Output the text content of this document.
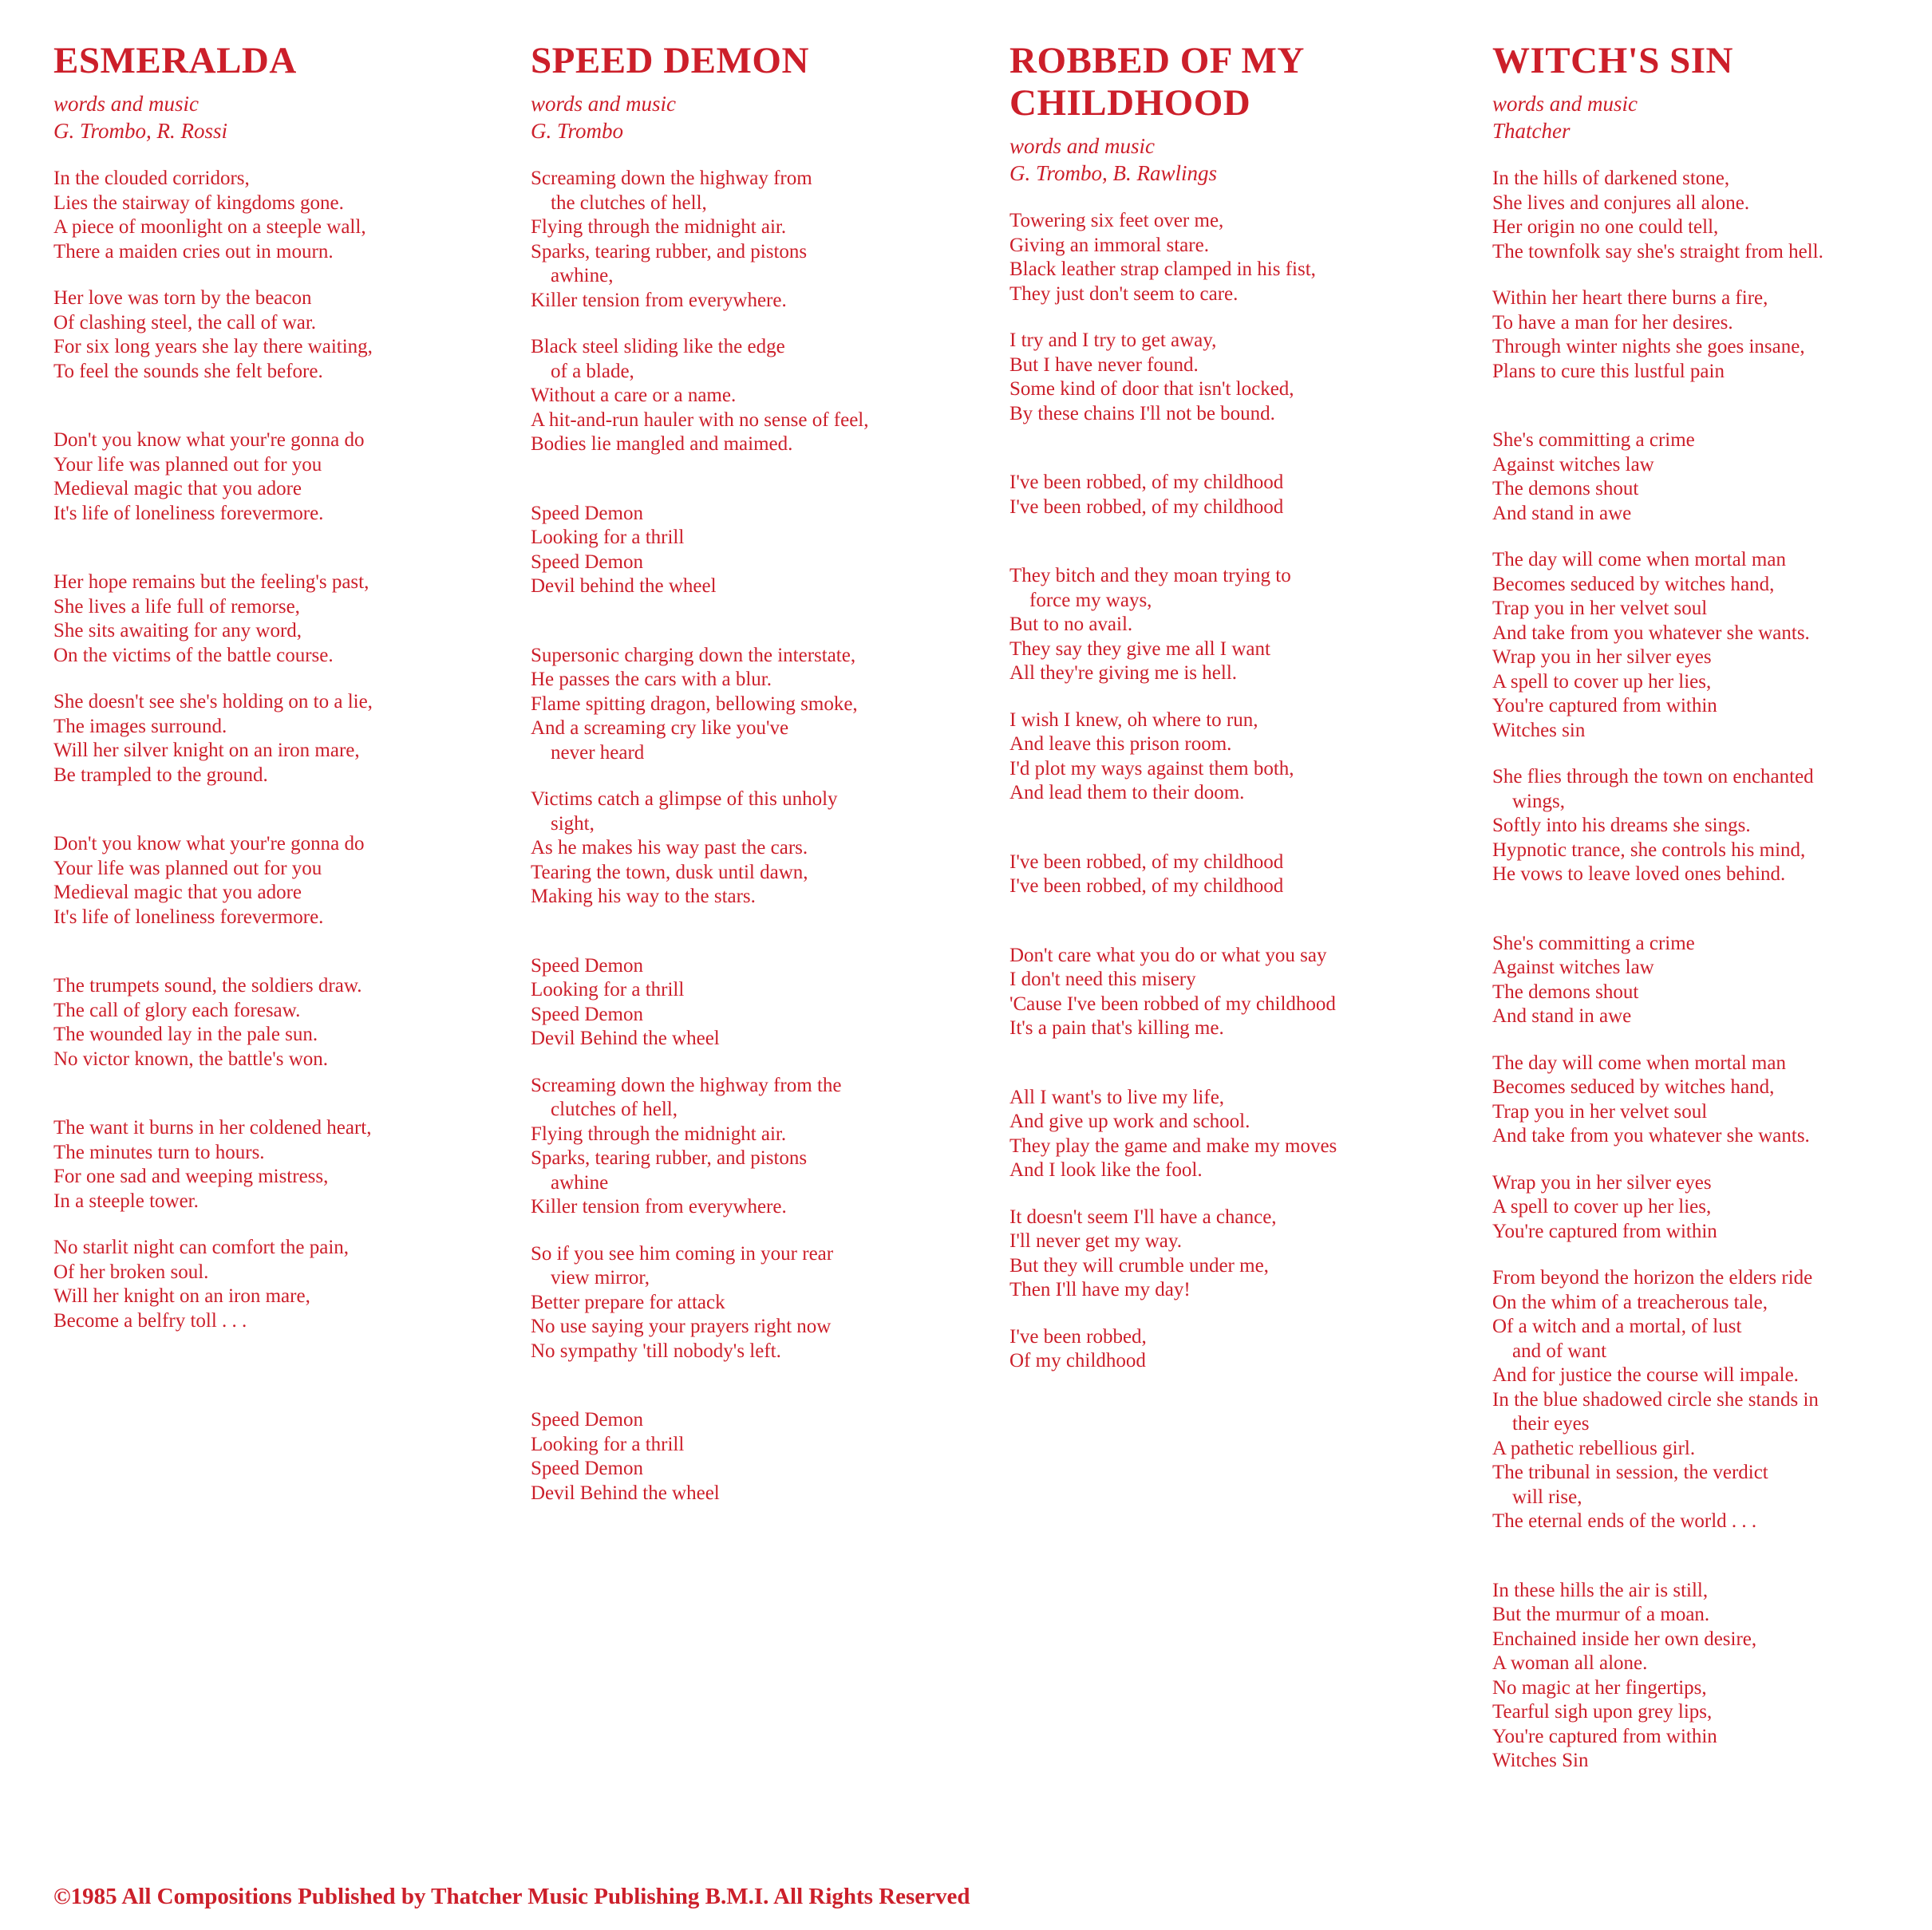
ESMERALDA
words and music
G. Trombo, R. Rossi
In the clouded corridors,
Lies the stairway of kingdoms gone.
A piece of moonlight on a steeple wall,
There a maiden cries out in mourn.
Her love was torn by the beacon
Of clashing steel, the call of war.
For six long years she lay there waiting,
To feel the sounds she felt before.
Don't you know what your're gonna do
Your life was planned out for you
Medieval magic that you adore
It's life of loneliness forevermore.
Her hope remains but the feeling's past,
She lives a life full of remorse,
She sits awaiting for any word,
On the victims of the battle course.
She doesn't see she's holding on to a lie,
The images surround.
Will her silver knight on an iron mare,
Be trampled to the ground.
Don't you know what your're gonna do
Your life was planned out for you
Medieval magic that you adore
It's life of loneliness forevermore.
The trumpets sound, the soldiers draw.
The call of glory each foresaw.
The wounded lay in the pale sun.
No victor known, the battle's won.
The want it burns in her coldened heart,
The minutes turn to hours.
For one sad and weeping mistress,
In a steeple tower.
No starlit night can comfort the pain,
Of her broken soul.
Will her knight on an iron mare,
Become a belfry toll . . .
SPEED DEMON
words and music
G. Trombo
Screaming down the highway from
the clutches of hell,
Flying through the midnight air.
Sparks, tearing rubber, and pistons
awhine,
Killer tension from everywhere.
Black steel sliding like the edge
of a blade,
Without a care or a name.
A hit-and-run hauler with no sense of feel,
Bodies lie mangled and maimed.
Speed Demon
Looking for a thrill
Speed Demon
Devil behind the wheel
Supersonic charging down the interstate,
He passes the cars with a blur.
Flame spitting dragon, bellowing smoke,
And a screaming cry like you've
never heard
Victims catch a glimpse of this unholy
sight,
As he makes his way past the cars.
Tearing the town, dusk until dawn,
Making his way to the stars.
Speed Demon
Looking for a thrill
Speed Demon
Devil Behind the wheel
Screaming down the highway from the
clutches of hell,
Flying through the midnight air.
Sparks, tearing rubber, and pistons
awhine
Killer tension from everywhere.
So if you see him coming in your rear
view mirror,
Better prepare for attack
No use saying your prayers right now
No sympathy 'till nobody's left.
Speed Demon
Looking for a thrill
Speed Demon
Devil Behind the wheel
ROBBED OF MY
CHILDHOOD
words and music
G. Trombo, B. Rawlings
Towering six feet over me,
Giving an immoral stare.
Black leather strap clamped in his fist,
They just don't seem to care.
I try and I try to get away,
But I have never found.
Some kind of door that isn't locked,
By these chains I'll not be bound.
I've been robbed, of my childhood
I've been robbed, of my childhood
They bitch and they moan trying to
force my ways,
But to no avail.
They say they give me all I want
All they're giving me is hell.
I wish I knew, oh where to run,
And leave this prison room.
I'd plot my ways against them both,
And lead them to their doom.
I've been robbed, of my childhood
I've been robbed, of my childhood
Don't care what you do or what you say
I don't need this misery
'Cause I've been robbed of my childhood
It's a pain that's killing me.
All I want's to live my life,
And give up work and school.
They play the game and make my moves
And I look like the fool.
It doesn't seem I'll have a chance,
I'll never get my way.
But they will crumble under me,
Then I'll have my day!
I've been robbed,
Of my childhood
WITCH'S SIN
words and music
Thatcher
In the hills of darkened stone,
She lives and conjures all alone.
Her origin no one could tell,
The townfolk say she's straight from hell.
Within her heart there burns a fire,
To have a man for her desires.
Through winter nights she goes insane,
Plans to cure this lustful pain
She's committing a crime
Against witches law
The demons shout
And stand in awe
The day will come when mortal man
Becomes seduced by witches hand,
Trap you in her velvet soul
And take from you whatever she wants.
Wrap you in her silver eyes
A spell to cover up her lies,
You're captured from within
Witches sin
She flies through the town on enchanted
wings,
Softly into his dreams she sings.
Hypnotic trance, she controls his mind,
He vows to leave loved ones behind.
She's committing a crime
Against witches law
The demons shout
And stand in awe
The day will come when mortal man
Becomes seduced by witches hand,
Trap you in her velvet soul
And take from you whatever she wants.
Wrap you in her silver eyes
A spell to cover up her lies,
You're captured from within
From beyond the horizon the elders ride
On the whim of a treacherous tale,
Of a witch and a mortal, of lust
and of want
And for justice the course will impale.
In the blue shadowed circle she stands in
their eyes
A pathetic rebellious girl.
The tribunal in session, the verdict
will rise,
The eternal ends of the world . . .
In these hills the air is still,
But the murmur of a moan.
Enchained inside her own desire,
A woman all alone.
No magic at her fingertips,
Tearful sigh upon grey lips,
You're captured from within
Witches Sin
©1985 All Compositions Published by Thatcher Music Publishing B.M.I. All Rights Reserved
